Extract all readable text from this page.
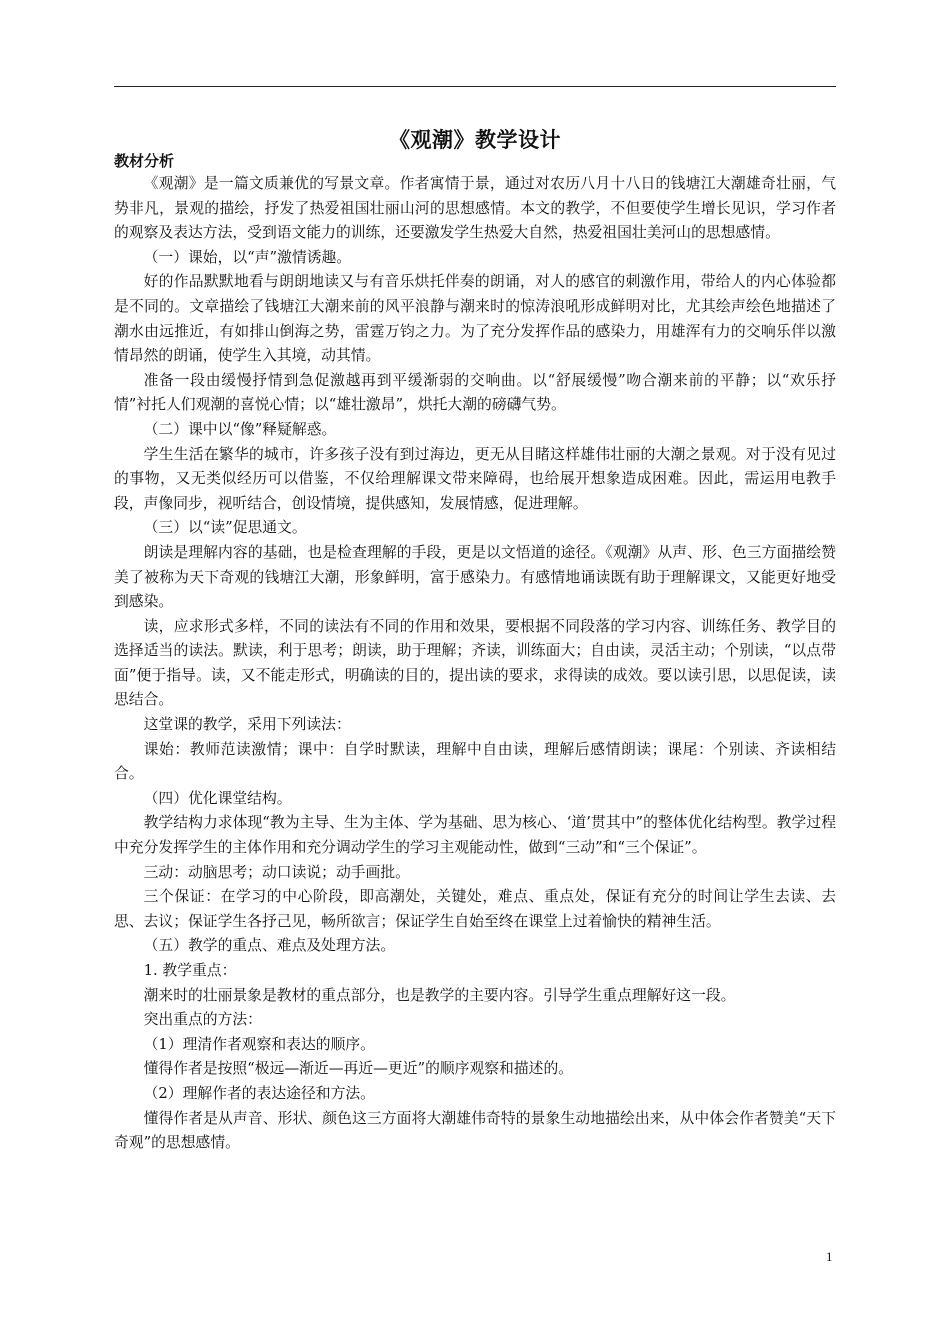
《观潮》教学设计
教材分析

《观潮》是一篇文质兼优的写景文章。作者寓情于景，通过对农历八月十八日的钱塘江大潮雄奇壮丽，气势非凡，景观的描绘，抒发了热爱祖国壮丽山河的思想感情。本文的教学，不但要使学生增长见识，学习作者的观察及表达方法，受到语文能力的训练，还要激发学生热爱大自然，热爱祖国壮美河山的思想感情。

（一）课始，以“声”激情诱趣。

好的作品默默地看与朗朗地读又与有音乐烘托伴奏的朗诵，对人的感官的刺激作用，带给人的内心体验都是不同的。文章描绘了钱塘江大潮来前的风平浪静与潮来时的惊涛浪吼形成鲜明对比，尤其绘声绘色地描述了潮水由远推近，有如排山倒海之势，雷霆万钧之力。为了充分发挥作品的感染力，用雄浑有力的交响乐伴以激情昂然的朗诵，使学生入其境，动其情。

准备一段由缓慢抒情到急促激越再到平缓渐弱的交响曲。以“舒展缓慢”吻合潮来前的平静；以“欢乐抒情”衬托人们观潮的喜悦心情；以“雄壮激昂”，烘托大潮的磅礴气势。

（二）课中以“像”释疑解惑。

学生生活在繁华的城市，许多孩子没有到过海边，更无从目睹这样雄伟壮丽的大潮之景观。对于没有见过的事物，又无类似经历可以借鉴，不仅给理解课文带来障碍，也给展开想象造成困难。因此，需运用电教手段，声像同步，视听结合，创设情境，提供感知，发展情感，促进理解。

（三）以“读”促思通文。

朗读是理解内容的基础，也是检查理解的手段，更是以文悟道的途径。《观潮》从声、形、色三方面描绘赞美了被称为天下奇观的钱塘江大潮，形象鲜明，富于感染力。有感情地诵读既有助于理解课文，又能更好地受到感染。

读，应求形式多样，不同的读法有不同的作用和效果，要根据不同段落的学习内容、训练任务、教学目的选择适当的读法。默读，利于思考；朗读，助于理解；齐读，训练面大；自由读，灵活主动；个别读，“以点带面”便于指导。读，又不能走形式，明确读的目的，提出读的要求，求得读的成效。要以读引思，以思促读，读思结合。

这堂课的教学，采用下列读法：

课始：教师范读激情；课中：自学时默读，理解中自由读，理解后感情朗读；课尾：个别读、齐读相结合。

（四）优化课堂结构。

教学结构力求体现“教为主导、生为主体、学为基础、思为核心、‘道’贯其中”的整体优化结构型。教学过程中充分发挥学生的主体作用和充分调动学生的学习主观能动性，做到“三动”和“三个保证”。

三动：动脑思考；动口读说；动手画批。

三个保证：在学习的中心阶段，即高潮处，关键处，难点、重点处，保证有充分的时间让学生去读、去思、去议；保证学生各抒己见，畅所欲言；保证学生自始至终在课堂上过着愉快的精神生活。

（五）教学的重点、难点及处理方法。

1. 教学重点：

潮来时的壮丽景象是教材的重点部分，也是教学的主要内容。引导学生重点理解好这一段。

突出重点的方法：

（1）理清作者观察和表达的顺序。

懂得作者是按照“极远—渐近—再近—更近”的顺序观察和描述的。

（2）理解作者的表达途径和方法。

懂得作者是从声音、形状、颜色这三方面将大潮雄伟奇特的景象生动地描绘出来，从中体会作者赞美“天下奇观”的思想感情。

1
